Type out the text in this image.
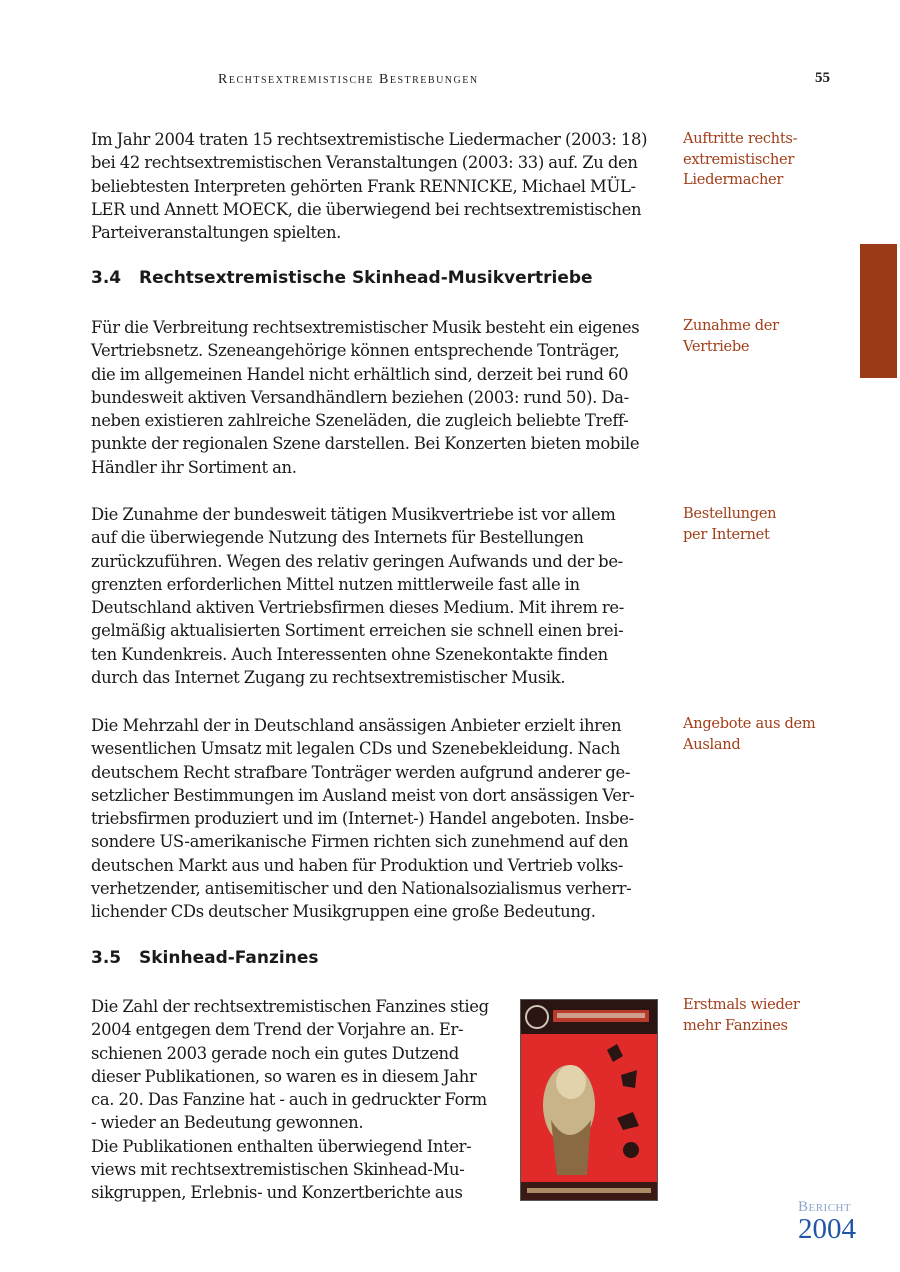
Rechtsextremistische Bestrebungen	55

Im Jahr 2004 traten 15 rechtsextremistische Liedermacher (2003: 18)
bei 42 rechtsextremistischen Veranstaltungen (2003: 33) auf. Zu den
beliebtesten Interpreten gehörten Frank RENNICKE, Michael MÜL-
LER und Annett MOECK, die überwiegend bei rechtsextremistischen
Parteiveranstaltungen spielten.

3.4 Rechtsextremistische Skinhead-Musikvertriebe

Für die Verbreitung rechtsextremistischer Musik besteht ein eigenes
Vertriebsnetz. Szeneangehörige können entsprechende Tonträger,
die im allgemeinen Handel nicht erhältlich sind, derzeit bei rund 60
bundesweit aktiven Versandhändlern beziehen (2003: rund 50). Da-
neben existieren zahlreiche Szeneläden, die zugleich beliebte Treff-
punkte der regionalen Szene darstellen. Bei Konzerten bieten mobile
Händler ihr Sortiment an.

Die Zunahme der bundesweit tätigen Musikvertriebe ist vor allem
auf die überwiegende Nutzung des Internets für Bestellungen
zurückzuführen. Wegen des relativ geringen Aufwands und der be-
grenzten erforderlichen Mittel nutzen mittlerweile fast alle in
Deutschland aktiven Vertriebsfirmen dieses Medium. Mit ihrem re-
gelmäßig aktualisierten Sortiment erreichen sie schnell einen brei-
ten Kundenkreis. Auch Interessenten ohne Szenekontakte finden
durch das Internet Zugang zu rechtsextremistischer Musik.

Die Mehrzahl der in Deutschland ansässigen Anbieter erzielt ihren
wesentlichen Umsatz mit legalen CDs und Szenebekleidung. Nach
deutschem Recht strafbare Tonträger werden aufgrund anderer ge-
setzlicher Bestimmungen im Ausland meist von dort ansässigen Ver-
triebsfirmen produziert und im (Internet-) Handel angeboten. Insbe-
sondere US-amerikanische Firmen richten sich zunehmend auf den
deutschen Markt aus und haben für Produktion und Vertrieb volks-
verhetzender, antisemitischer und den Nationalsozialismus verherr-
lichender CDs deutscher Musikgruppen eine große Bedeutung.

3.5 Skinhead-Fanzines

Die Zahl der rechtsextremistischen Fanzines stieg
2004 entgegen dem Trend der Vorjahre an. Er-
schienen 2003 gerade noch ein gutes Dutzend
dieser Publikationen, so waren es in diesem Jahr
ca. 20. Das Fanzine hat - auch in gedruckter Form
- wieder an Bedeutung gewonnen.
Die Publikationen enthalten überwiegend Inter-
views mit rechtsextremistischen Skinhead-Mu-
sikgruppen, Erlebnis- und Konzertberichte aus

Auftritte rechts-
extremistischer
Liedermacher
Zunahme der
Vertriebe
Bestellungen
per Internet
Angebote aus dem
Ausland
Erstmals wieder
mehr Fanzines
Bericht
2004
